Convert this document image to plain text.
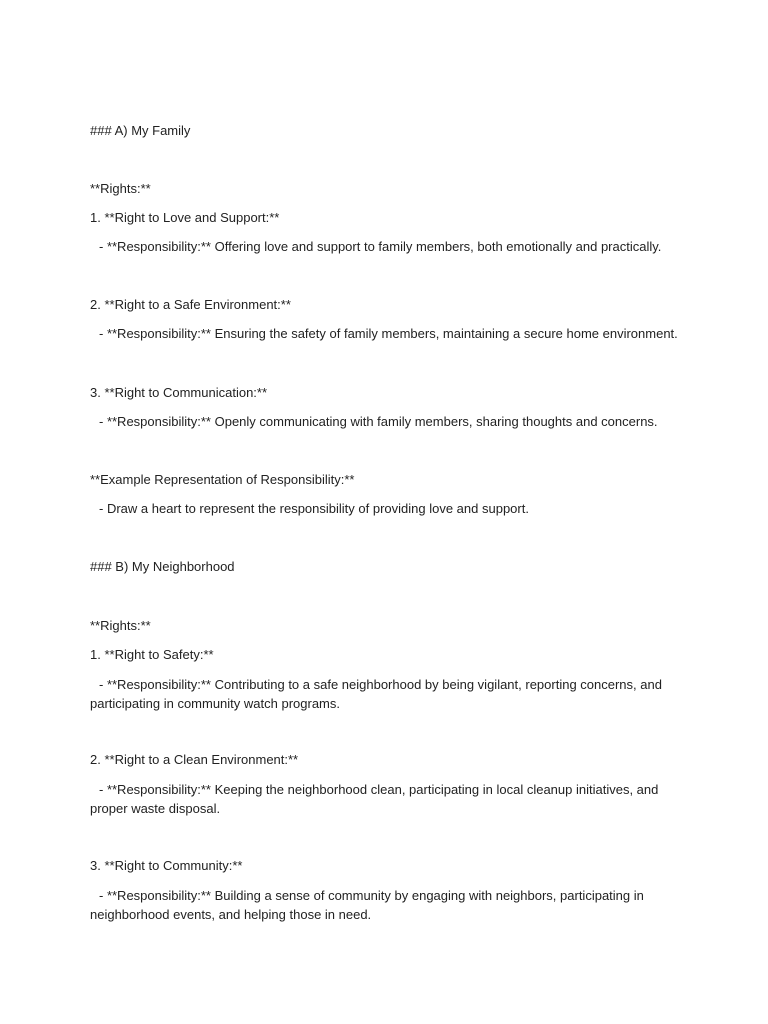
### A) My Family
**Rights:**
1. **Right to Love and Support:**
- **Responsibility:** Offering love and support to family members, both emotionally and practically.
2. **Right to a Safe Environment:**
- **Responsibility:** Ensuring the safety of family members, maintaining a secure home environment.
3. **Right to Communication:**
- **Responsibility:** Openly communicating with family members, sharing thoughts and concerns.
**Example Representation of Responsibility:**
- Draw a heart to represent the responsibility of providing love and support.
### B) My Neighborhood
**Rights:**
1. **Right to Safety:**
- **Responsibility:** Contributing to a safe neighborhood by being vigilant, reporting concerns, and participating in community watch programs.
2. **Right to a Clean Environment:**
- **Responsibility:** Keeping the neighborhood clean, participating in local cleanup initiatives, and proper waste disposal.
3. **Right to Community:**
- **Responsibility:** Building a sense of community by engaging with neighbors, participating in neighborhood events, and helping those in need.
